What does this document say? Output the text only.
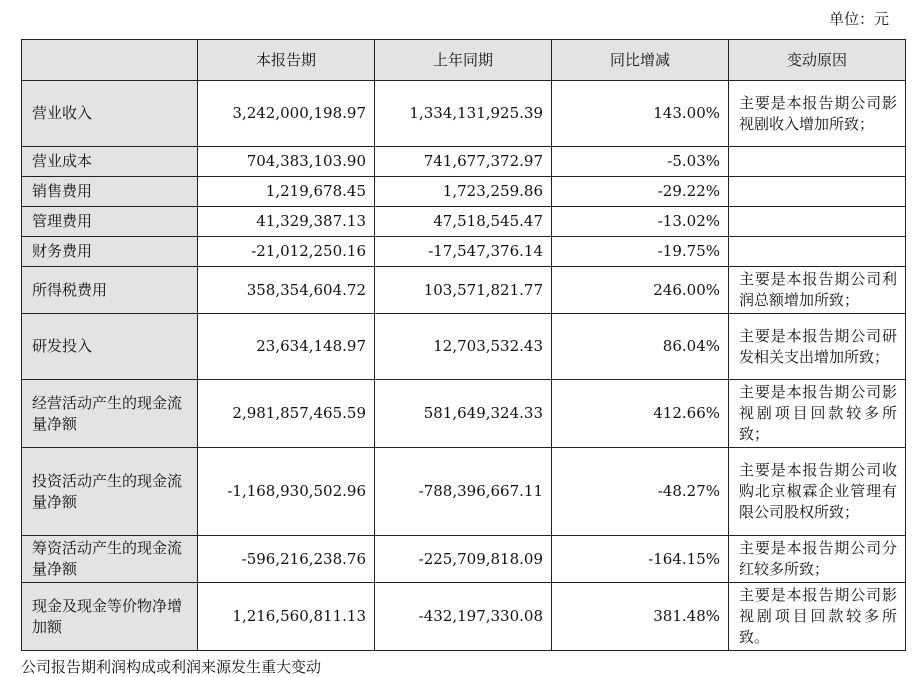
单位：元
	本报告期	上年同期	同比增减	变动原因
营业收入	3,242,000,198.97	1,334,131,925.39	143.00%	主要是本报告期公司影视剧收入增加所致；
营业成本	704,383,103.90	741,677,372.97	-5.03%	
销售费用	1,219,678.45	1,723,259.86	-29.22%	
管理费用	41,329,387.13	47,518,545.47	-13.02%	
财务费用	-21,012,250.16	-17,547,376.14	-19.75%	
所得税费用	358,354,604.72	103,571,821.77	246.00%	主要是本报告期公司利润总额增加所致；
研发投入	23,634,148.97	12,703,532.43	86.04%	主要是本报告期公司研发相关支出增加所致；
经营活动产生的现金流量净额	2,981,857,465.59	581,649,324.33	412.66%	主要是本报告期公司影视剧项目回款较多所致；
投资活动产生的现金流量净额	-1,168,930,502.96	-788,396,667.11	-48.27%	主要是本报告期公司收购北京椒霖企业管理有限公司股权所致；
筹资活动产生的现金流量净额	-596,216,238.76	-225,709,818.09	-164.15%	主要是本报告期公司分红较多所致；
现金及现金等价物净增加额	1,216,560,811.13	-432,197,330.08	381.48%	主要是本报告期公司影视剧项目回款较多所致。
公司报告期利润构成或利润来源发生重大变动
